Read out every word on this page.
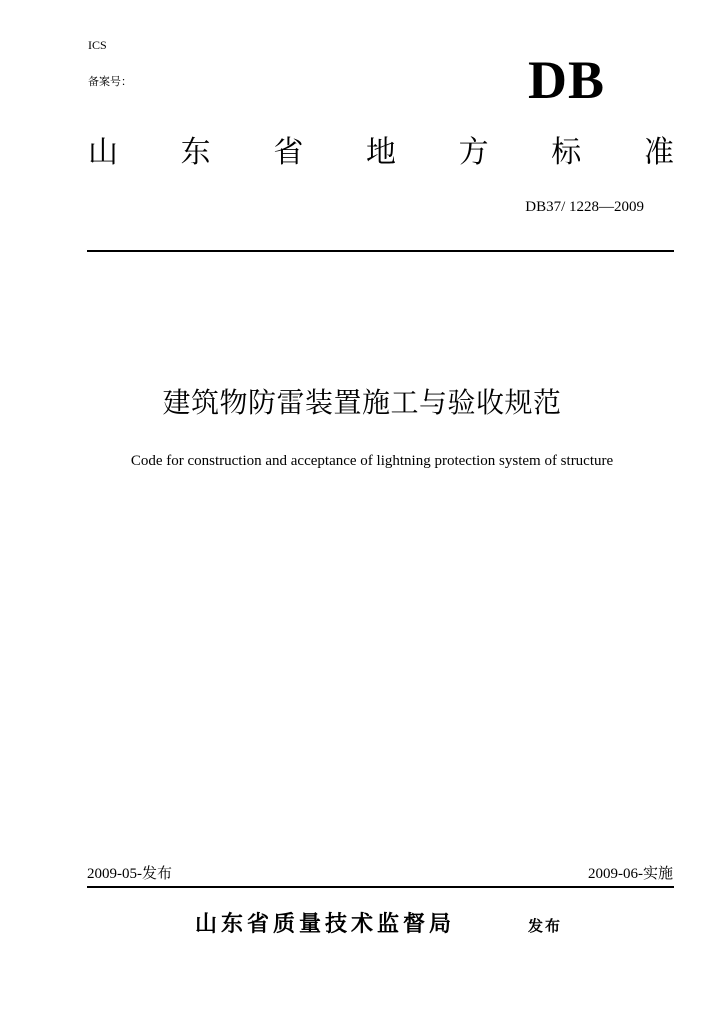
ICS
备案号：	DB
山 东 省 地 方 标 准
DB37/ 1228—2009
建筑物防雷装置施工与验收规范
Code for construction and acceptance of lightning protection system of structure
2009-05-发布	2009-06-实施
山东省质量技术监督局	发布
